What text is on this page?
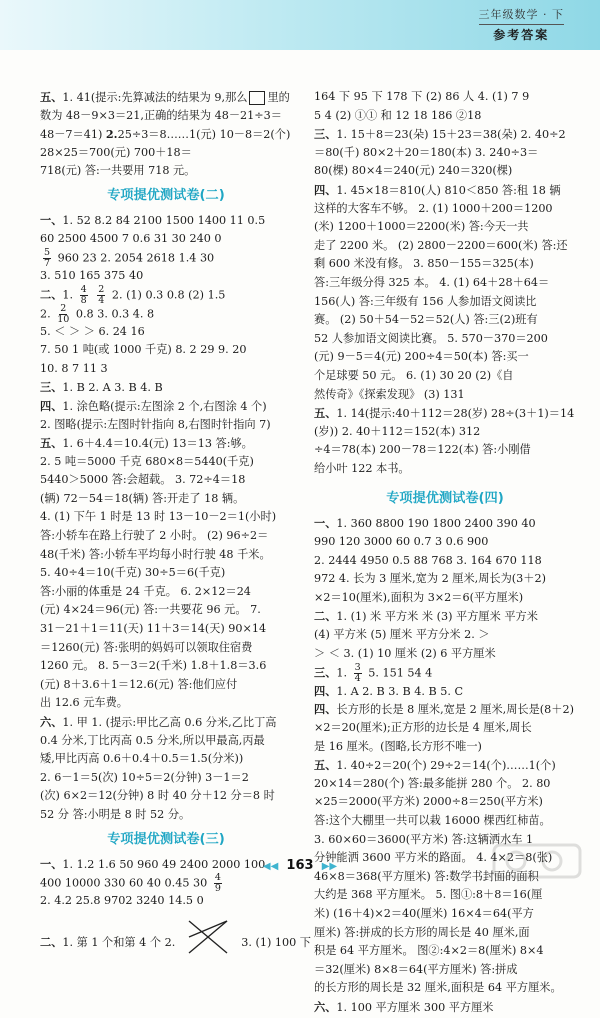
三年级数学 · 下
参考答案
五、1. 41(提示:先算减法的结果为 9,那么 里的
数为 48－9×3＝21,正确的结果为 48－21÷3＝
48－7＝41) 2.25÷3＝8……1(元) 10－8＝2(个)
28×25＝700(元) 700＋18＝
718(元) 答:一共要用 718 元。
专项提优测试卷(二)
一、1. 52 8.2 84 2100 1500 1400 11 0.5
60 2500 4500 7 0.6 31 30 240 0
$\frac{5}{7} 960$ 23 2. 2054 2618 1.4 30
3. 510 165 375 40
二、1. $\frac{4}{8}$
$\frac{2}{4} 2$. (1) 0.3 0.8 (2) 1.5
2. $\frac{2}{10} 0.8$ 3. 0.3 4. 8
5. ＜ ＞ ＞ 6. 24 16
7. 50 1 吨(或 1000 千克) 8. 2 29 9. 20
10. 8 7 11 3
三、1. B 2. A 3. B 4. B
四、1. 涂色略(提示:左图涂 2 个,右图涂 4 个)
2. 图略(提示:左图时针指向 8,右图时针指向 7)
五、1. 6＋4.4＝10.4(元) 13＝13 答:够。
2. 5 吨＝5000 千克 680×8＝5440(千克)
5440＞5000 答:会超载。 3. 72÷4＝18
(辆) 72－54＝18(辆) 答:开走了 18 辆。
4. (1) 下午 1 时是 13 时 13－10－2＝1(小时)
答:小轿车在路上行驶了 2 小时。 (2) 96÷2＝
48(千米) 答:小轿车平均每小时行驶 48 千米。
5. 40÷4＝10(千克) 30÷5＝6(千克)
答:小丽的体重是 24 千克。 6. 2×12＝24
(元) 4×24＝96(元) 答:一共要花 96 元。 7.
31－21＋1＝11(天) 11＋3＝14(天) 90×14
＝1260(元) 答:张明的妈妈可以领取住宿费
1260 元。 8. 5－3＝2(千米) 1.8＋1.8＝3.6
(元) 8＋3.6＋1＝12.6(元) 答:他们应付
出 12.6 元车费。
六、1. 甲 1. (提示:甲比乙高 0.6 分米,乙比丁高
0.4 分米,丁比丙高 0.5 分米,所以甲最高,丙最
矮,甲比丙高 0.6＋0.4＋0.5＝1.5(分米))
2. 6－1＝5(次) 10÷5＝2(分钟) 3－1＝2
(次) 6×2＝12(分钟) 8 时 40 分＋12 分＝8 时
52 分 答:小明是 8 时 52 分。
专项提优测试卷(三)
一、1. 1.2 1.6 50 960 49 2400 2000 100
400 10000 330 60 40 0.45 $30 \frac{4}{9}$
2. 4.2 25.8 9702 3240 14.5 0
二、1. 第 1 个和第 4 个 2.	3. (1) 100 下
164 下 95 下 178 下 (2) 86 人 4. (1) 7 9
5 4 (2) ①① 和 12 18 186 ②18
三、1. 15＋8＝23(朵) 15＋23＝38(朵) 2. 40÷2
＝80(千) 80×2＋20＝180(本) 3. 240÷3＝
80(棵) 80×4＝240(元) 240＝320(棵)
四、1. 45×18＝810(人) 810＜850 答:租 18 辆
这样的大客车不够。 2. (1) 1000＋200＝1200
(米) 1200＋1000＝2200(米) 答:今天一共
走了 2200 米。 (2) 2800－2200＝600(米) 答:还
剩 600 米没有修。 3. 850－155＝325(本)
答:三年级分得 325 本。 4. (1) 64＋28＋64＝
156(人) 答:三年级有 156 人参加语文阅读比
赛。 (2) 50＋54－52＝52(人) 答:三(2)班有
52 人参加语文阅读比赛。 5. 570－370＝200
(元) 9－5＝4(元) 200÷4＝50(本) 答:买一
个足球要 50 元。 6. (1) 30 20 (2)《自
然传奇》《探索发现》 (3) 131
五、1. 14(提示:40＋112＝28(岁) 28÷(3＋1)＝14
(岁)) 2. 40＋112＝152(本) 312
÷4＝78(本) 200－78＝122(本) 答:小刚借
给小叶 122 本书。
专项提优测试卷(四)
一、1. 360 8800 190 1800 2400 390 40
990 120 3000 60 0.7 3 0.6 900
2. 2444 4950 0.5 88 768 3. 164 670 118
972 4. 长为 3 厘米,宽为 2 厘米,周长为(3＋2)
×2＝10(厘米),面积为 3×2＝6(平方厘米)
二、1. (1) 米 平方米 米 (3) 平方厘米 平方米
(4) 平方米 (5) 厘米 平方分米 2. ＞
＞ ＜ 3. (1) 10 厘米 (2) 6 平方厘米
三、1. $\frac{3}{4} 5$. 151 54 4
四、1. A 2. B 3. B 4. B 5. C
四、长方形的长是 8 厘米,宽是 2 厘米,周长是(8＋2)
×2＝20(厘米);正方形的边长是 4 厘米,周长
是 16 厘米。(图略,长方形不唯一)
五、1. 40÷2＝20(个) 29÷2＝14(个)……1(个)
20×14＝280(个) 答:最多能拼 280 个。 2. 80
×25＝2000(平方米) 2000÷8＝250(平方米)
答:这个大棚里一共可以栽 16000 棵西红柿苗。
3. 60×60＝3600(平方米) 答:这辆洒水车 1
分钟能洒 3600 平方米的路面。 4. 4×2＝8(张)
46×8＝368(平方厘米) 答:数学书封面的面积
大约是 368 平方厘米。 5. 图①:8＋8＝16(厘
米) (16＋4)×2＝40(厘米) 16×4＝64(平方
厘米) 答:拼成的长方形的周长是 40 厘米,面
积是 64 平方厘米。 图②:4×2＝8(厘米) 8×4
＝32(厘米) 8×8＝64(平方厘米) 答:拼成
的长方形的周长是 32 厘米,面积是 64 平方厘米。
六、1. 100 平方厘米 300 平方厘米
◀◀ 163 ▶▶
